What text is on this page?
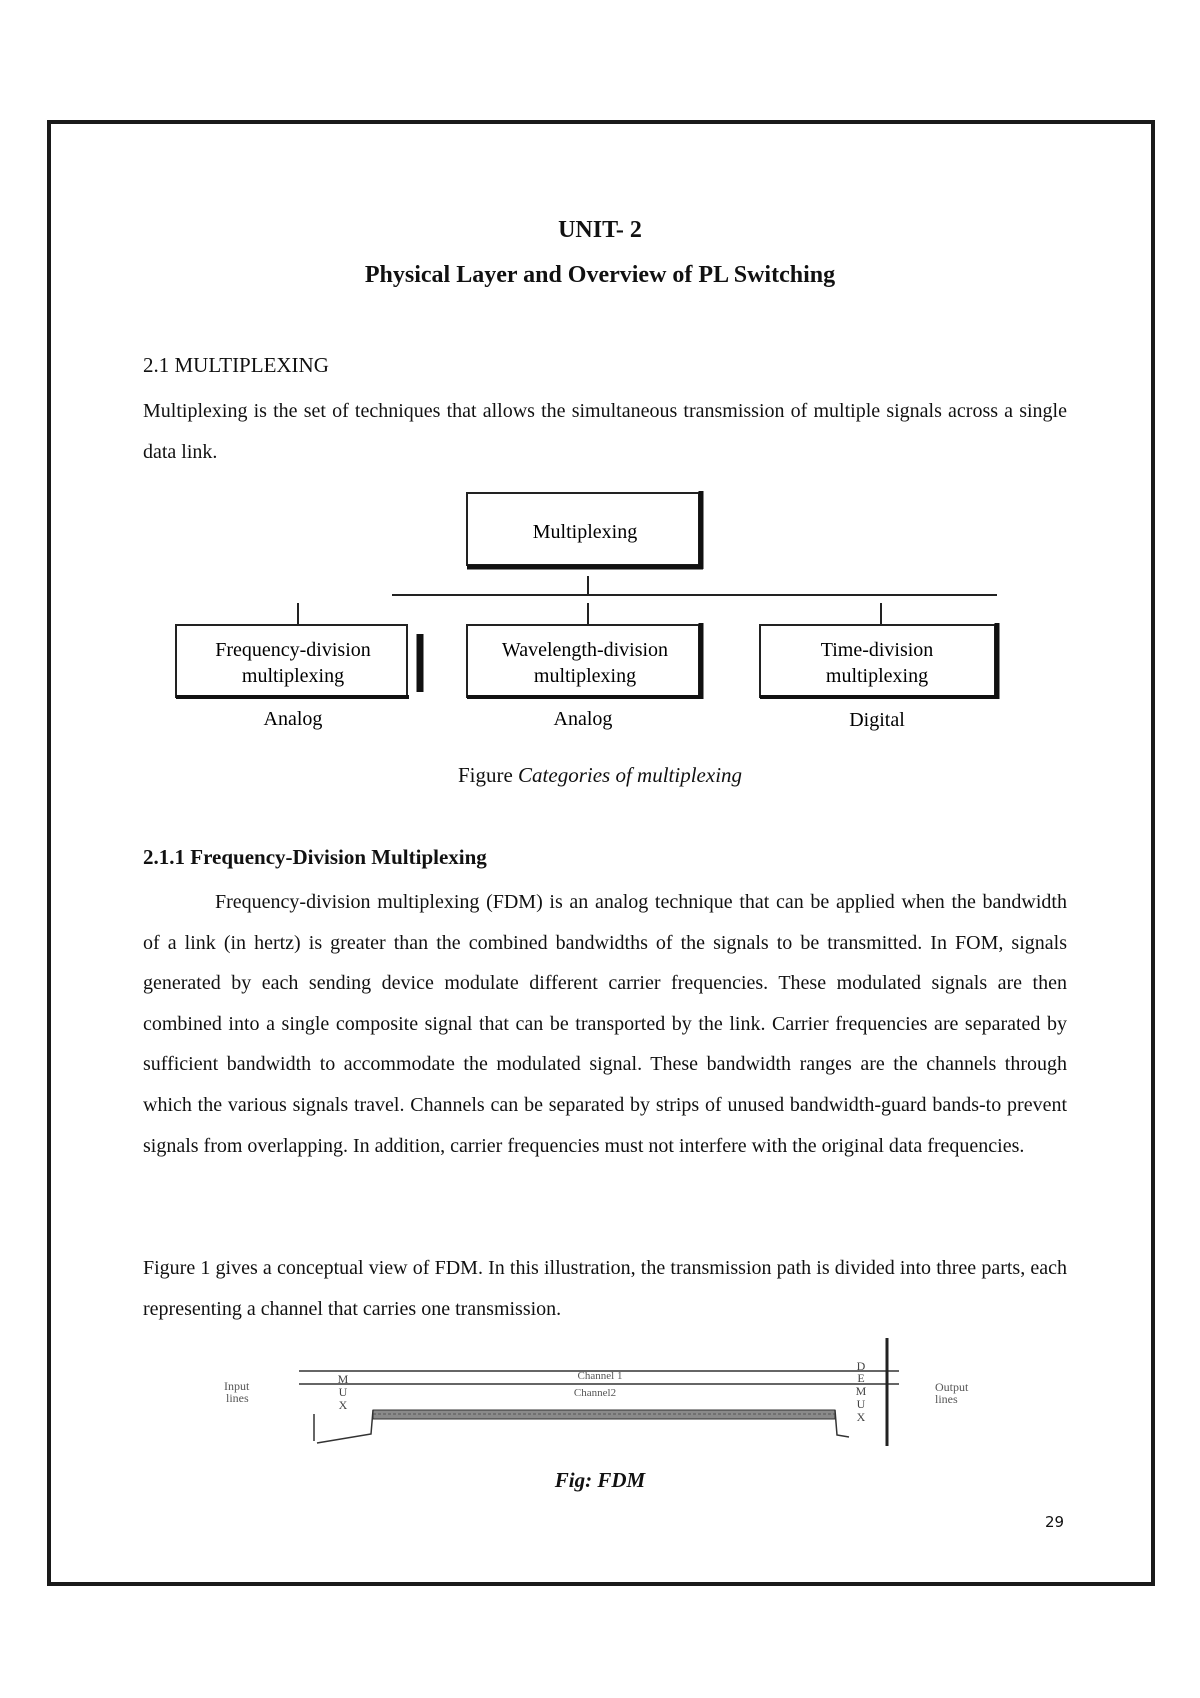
UNIT- 2
Physical Layer and Overview of PL Switching
2.1 MULTIPLEXING
Multiplexing is the set of techniques that allows the simultaneous transmission of multiple signals across a single data link.
Multiplexing
Frequency-division
multiplexing
Analog
Wavelength-division
multiplexing
Analog
Time-division
multiplexing
Digital
Input
lines
Output
lines
Channel 1
Channel2
M
U
X
D
E
M
U
X
Figure Categories of multiplexing
2.1.1 Frequency-Division Multiplexing
Frequency-division multiplexing (FDM) is an analog technique that can be applied when the bandwidth of a link (in hertz) is greater than the combined bandwidths of the signals to be transmitted. In FOM, signals generated by each sending device modulate different carrier frequencies. These modulated signals are then combined into a single composite signal that can be transported by the link. Carrier frequencies are separated by sufficient bandwidth to accommodate the modulated signal. These bandwidth ranges are the channels through which the various signals travel. Channels can be separated by strips of unused bandwidth-guard bands-to prevent signals from overlapping. In addition, carrier frequencies must not interfere with the original data frequencies.
Figure 1 gives a conceptual view of FDM. In this illustration, the transmission path is divided into three parts, each representing a channel that carries one transmission.
Fig: FDM
29
